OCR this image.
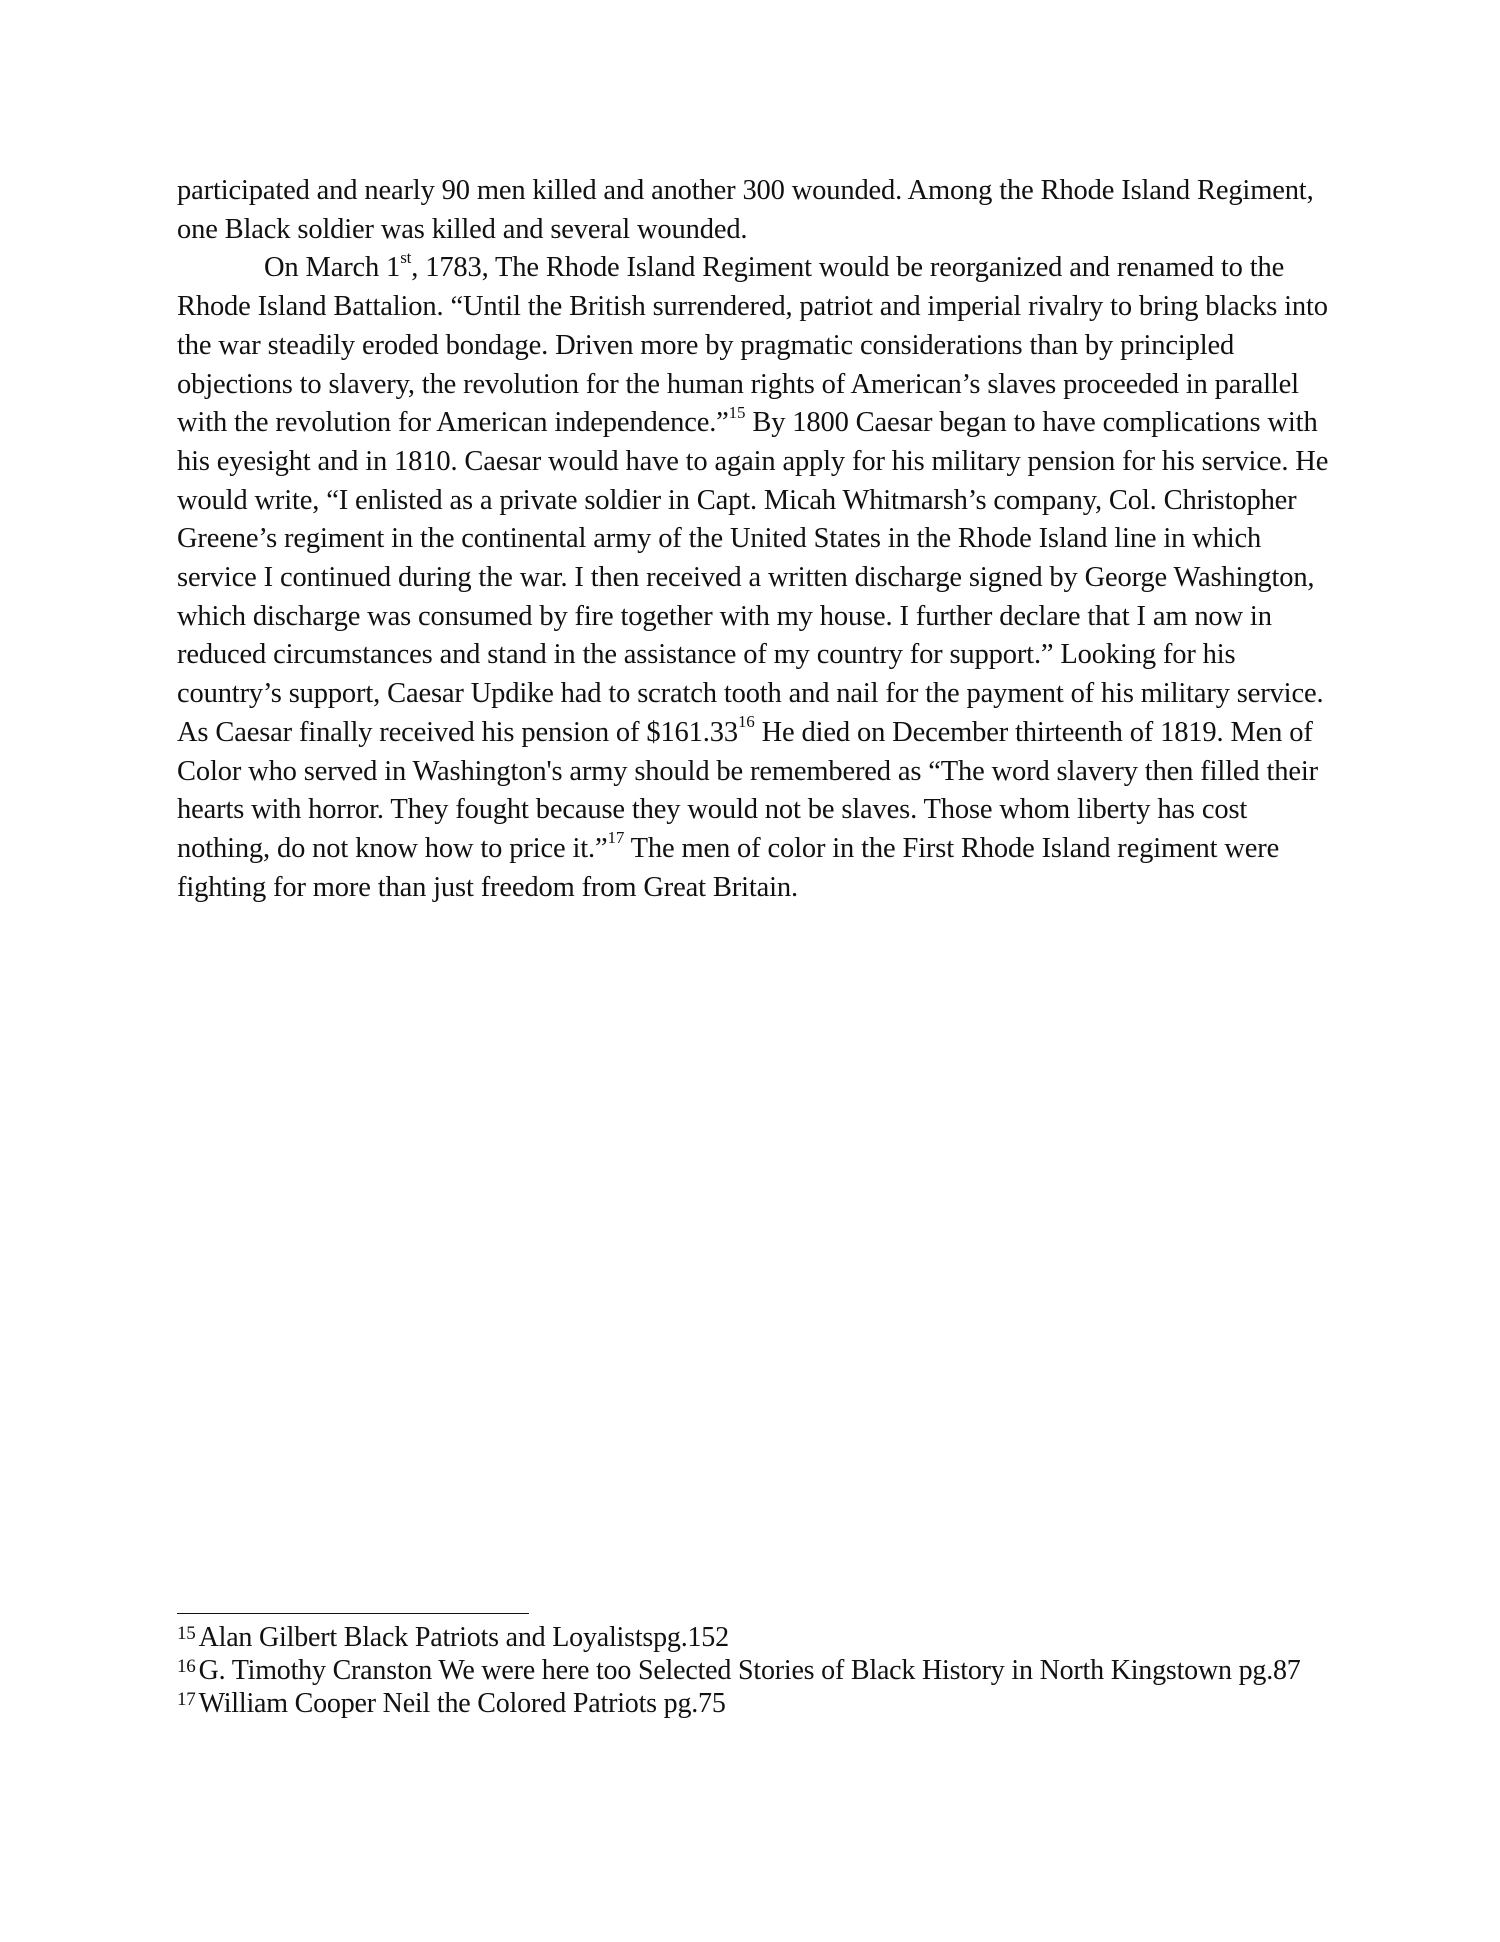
participated and nearly 90 men killed and another 300 wounded. Among the Rhode Island Regiment, one Black soldier was killed and several wounded.

On March 1st, 1783, The Rhode Island Regiment would be reorganized and renamed to the Rhode Island Battalion. “Until the British surrendered, patriot and imperial rivalry to bring blacks into the war steadily eroded bondage. Driven more by pragmatic considerations than by principled objections to slavery, the revolution for the human rights of American’s slaves proceeded in parallel with the revolution for American independence.”$^{15}$ By 1800 Caesar began to have complications with his eyesight and in 1810. Caesar would have to again apply for his military pension for his service. He would write, “I enlisted as a private soldier in Capt. Micah Whitmarsh’s company, Col. Christopher Greene’s regiment in the continental army of the United States in the Rhode Island line in which service I continued during the war. I then received a written discharge signed by George Washington, which discharge was consumed by fire together with my house. I further declare that I am now in reduced circumstances and stand in the assistance of my country for support.” Looking for his country’s support, Caesar Updike had to scratch tooth and nail for the payment of his military service. As Caesar finally received his pension of $161.33$^{16}$ He died on December thirteenth of 1819. Men of Color who served in Washington's army should be remembered as “The word slavery then filled their hearts with horror. They fought because they would not be slaves. Those whom liberty has cost nothing, do not know how to price it.”$^{17}$ The men of color in the First Rhode Island regiment were fighting for more than just freedom from Great Britain.

$^{15}$ Alan Gilbert Black Patriots and Loyalistspg.152

$^{16}$ G. Timothy Cranston We were here too Selected Stories of Black History in North Kingstown pg.87

$^{17}$ William Cooper Neil the Colored Patriots pg.75
